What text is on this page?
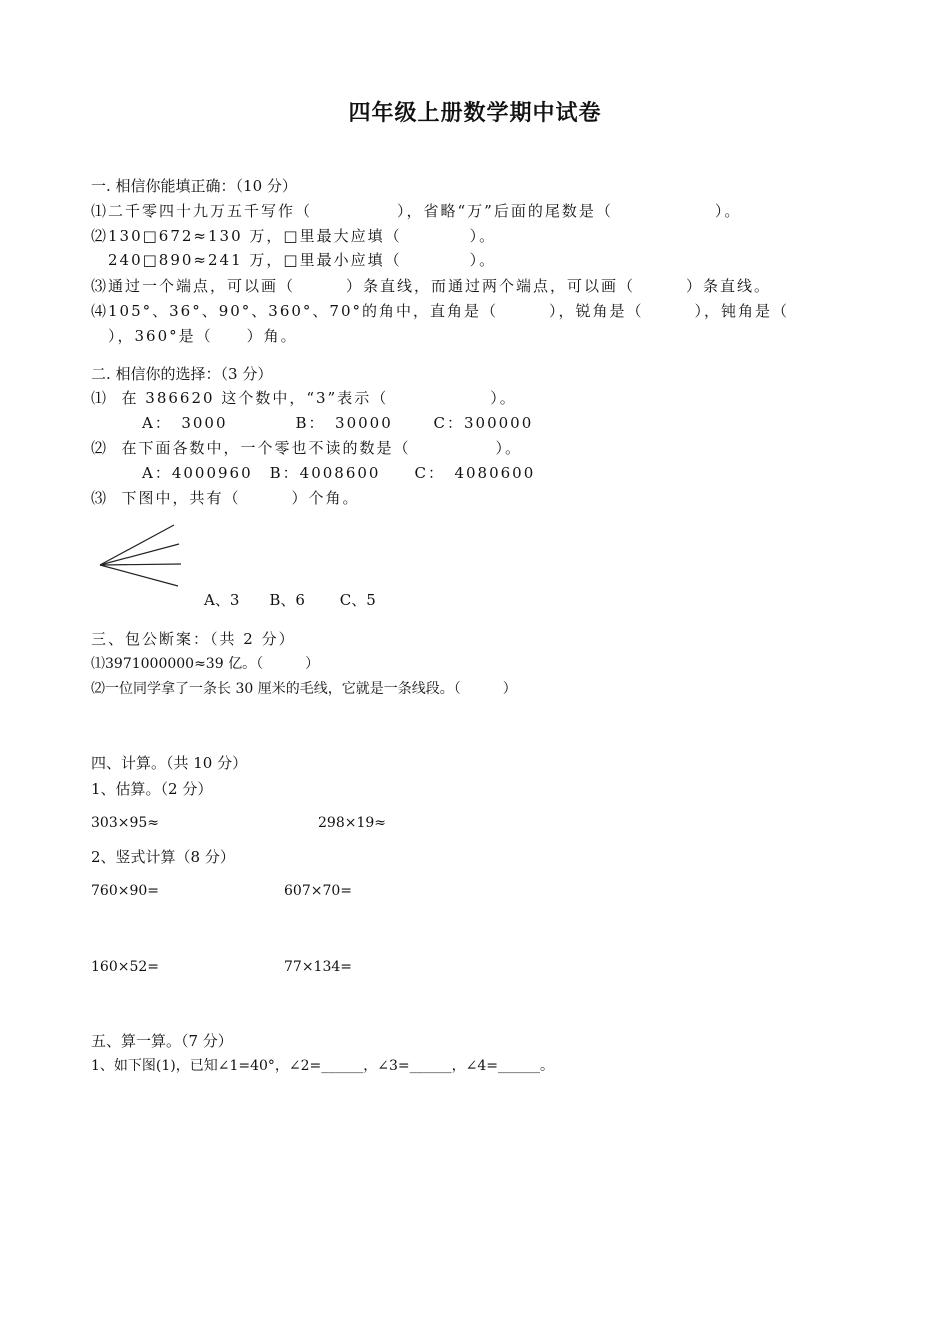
四年级上册数学期中试卷
一. 相信你能填正确：（10 分）
⑴二千零四十九万五千写作（　　　　　），省略“万”后面的尾数是（　　　　　　）。
⑵130□672≈130 万，□里最大应填（　　　　）。
　240□890≈241 万，□里最小应填（　　　　）。
⑶通过一个端点，可以画（　　　）条直线，而通过两个端点，可以画（　　　）条直线。
⑷105°、36°、90°、360°、70°的角中，直角是（　　　），锐角是（　　　），钝角是（
　），360°是（　　）角。
二. 相信你的选择：（3 分）
⑴  在 386620 这个数中，“3”表示（　　　　　　）。
A：　3000　　　　B：　30000　　 C：300000
⑵  在下面各数中，一个零也不读的数是（　　　　　）。
A：4000960　B：4008600　　C：　4080600
⑶  下图中，共有（　　　）个角。
A、3　　B、6　　 C、5
三、包公断案：（共 2 分）
⑴3971000000≈39 亿。（　　　）
⑵一位同学拿了一条长 30 厘米的毛线，它就是一条线段。（　　　）
四、计算。（共 10 分）
1、估算。（2 分）
303×95≈	298×19≈
2、竖式计算（8 分）
760×90=	607×70=
160×52=	77×134=
五、算一算。（7 分）
1、如下图(1)，已知∠1=40°，∠2=______，∠3=______，∠4=______。
